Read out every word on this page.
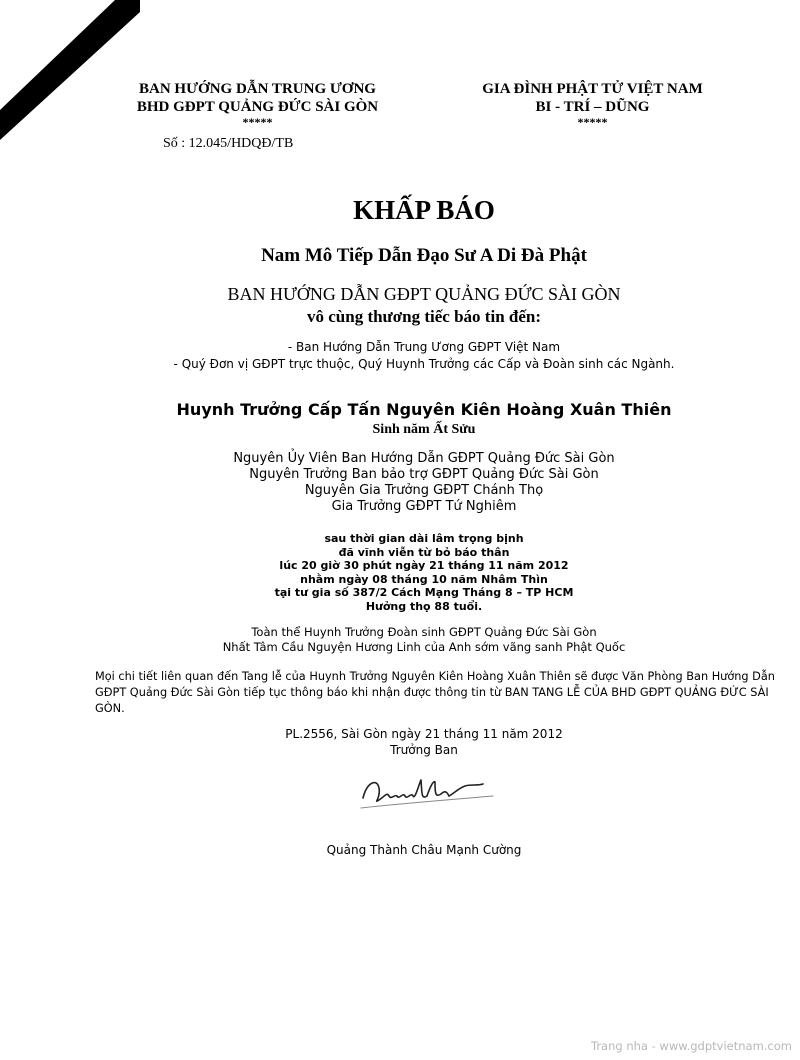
BAN HƯỚNG DẪN TRUNG ƯƠNG
BHD GĐPT QUẢNG ĐỨC SÀI GÒN
*****
GIA ĐÌNH PHẬT TỬ VIỆT NAM
BI - TRÍ – DŨNG
*****
Số : 12.045/HDQĐ/TB
KHẤP BÁO
Nam Mô Tiếp Dẫn Đạo Sư A Di Đà Phật
BAN HƯỚNG DẪN GĐPT QUẢNG ĐỨC SÀI GÒN
vô cùng thương tiếc báo tin đến:
- Ban Hướng Dẫn Trung Ương GĐPT Việt Nam
- Quý Đơn vị GĐPT trực thuộc, Quý Huynh Trưởng các Cấp và Đoàn sinh các Ngành.
Huynh Trưởng Cấp Tấn Nguyên Kiên Hoàng Xuân Thiên
Sinh năm Ất Sửu
Nguyên Ủy Viên Ban Hướng Dẫn GĐPT Quảng Đức Sài Gòn
Nguyên Trưởng Ban bảo trợ GĐPT Quảng Đức Sài Gòn
Nguyên Gia Trưởng GĐPT Chánh Thọ
Gia Trưởng GĐPT Tứ Nghiêm
sau thời gian dài lâm trọng bịnh
đã vĩnh viễn từ bỏ báo thân
lúc 20 giờ 30 phút ngày 21 tháng 11 năm 2012
nhằm ngày 08 tháng 10 năm Nhâm Thìn
tại tư gia số 387/2 Cách Mạng Tháng 8 – TP HCM
Hưởng thọ 88 tuổi.
Toàn thể Huynh Trưởng Đoàn sinh GĐPT Quảng Đức Sài Gòn
Nhất Tâm Cầu Nguyện Hương Linh của Anh sớm vãng sanh Phật Quốc
Mọi chi tiết liên quan đến Tang lễ của Huynh Trưởng Nguyên Kiên Hoàng Xuân Thiên sẽ được Văn Phòng Ban Hướng Dẫn GĐPT Quảng Đức Sài Gòn tiếp tục thông báo khi nhận được thông tin từ BAN TANG LỄ CỦA BHD GĐPT QUẢNG ĐỨC SÀI GÒN.
PL.2556, Sài Gòn ngày 21 tháng 11 năm 2012
Trưởng Ban
Quảng Thành Châu Mạnh Cường
Trang nha - www.gdptvietnam.com
